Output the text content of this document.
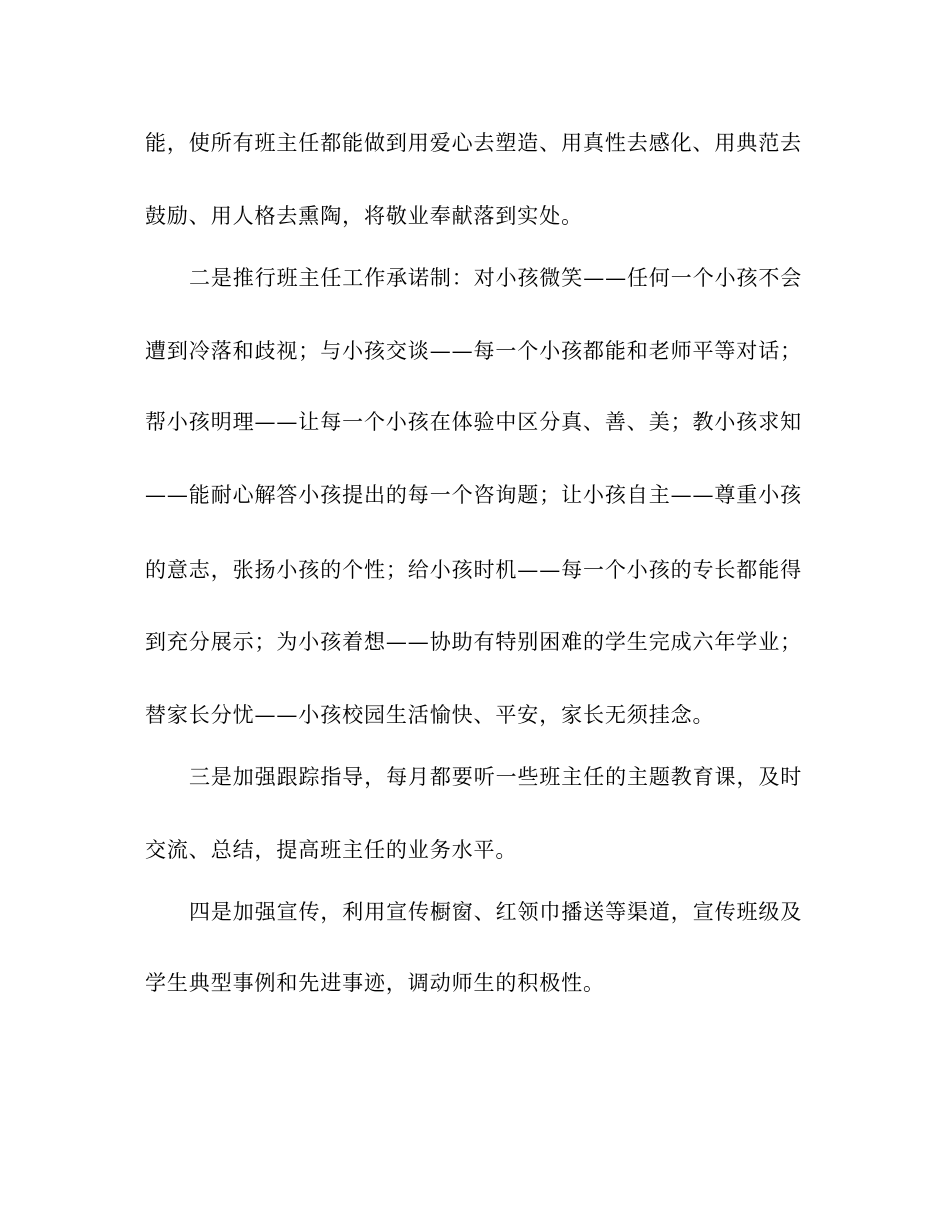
能，使所有班主任都能做到用爱心去塑造、用真性去感化、用典范去

鼓励、用人格去熏陶，将敬业奉献落到实处。

二是推行班主任工作承诺制：对小孩微笑——任何一个小孩不会

遭到冷落和歧视；与小孩交谈——每一个小孩都能和老师平等对话；

帮小孩明理——让每一个小孩在体验中区分真、善、美；教小孩求知

——能耐心解答小孩提出的每一个咨询题；让小孩自主——尊重小孩

的意志，张扬小孩的个性；给小孩时机——每一个小孩的专长都能得

到充分展示；为小孩着想——协助有特别困难的学生完成六年学业；

替家长分忧——小孩校园生活愉快、平安，家长无须挂念。

三是加强跟踪指导，每月都要听一些班主任的主题教育课，及时

交流、总结，提高班主任的业务水平。

四是加强宣传，利用宣传橱窗、红领巾播送等渠道，宣传班级及

学生典型事例和先进事迹，调动师生的积极性。
